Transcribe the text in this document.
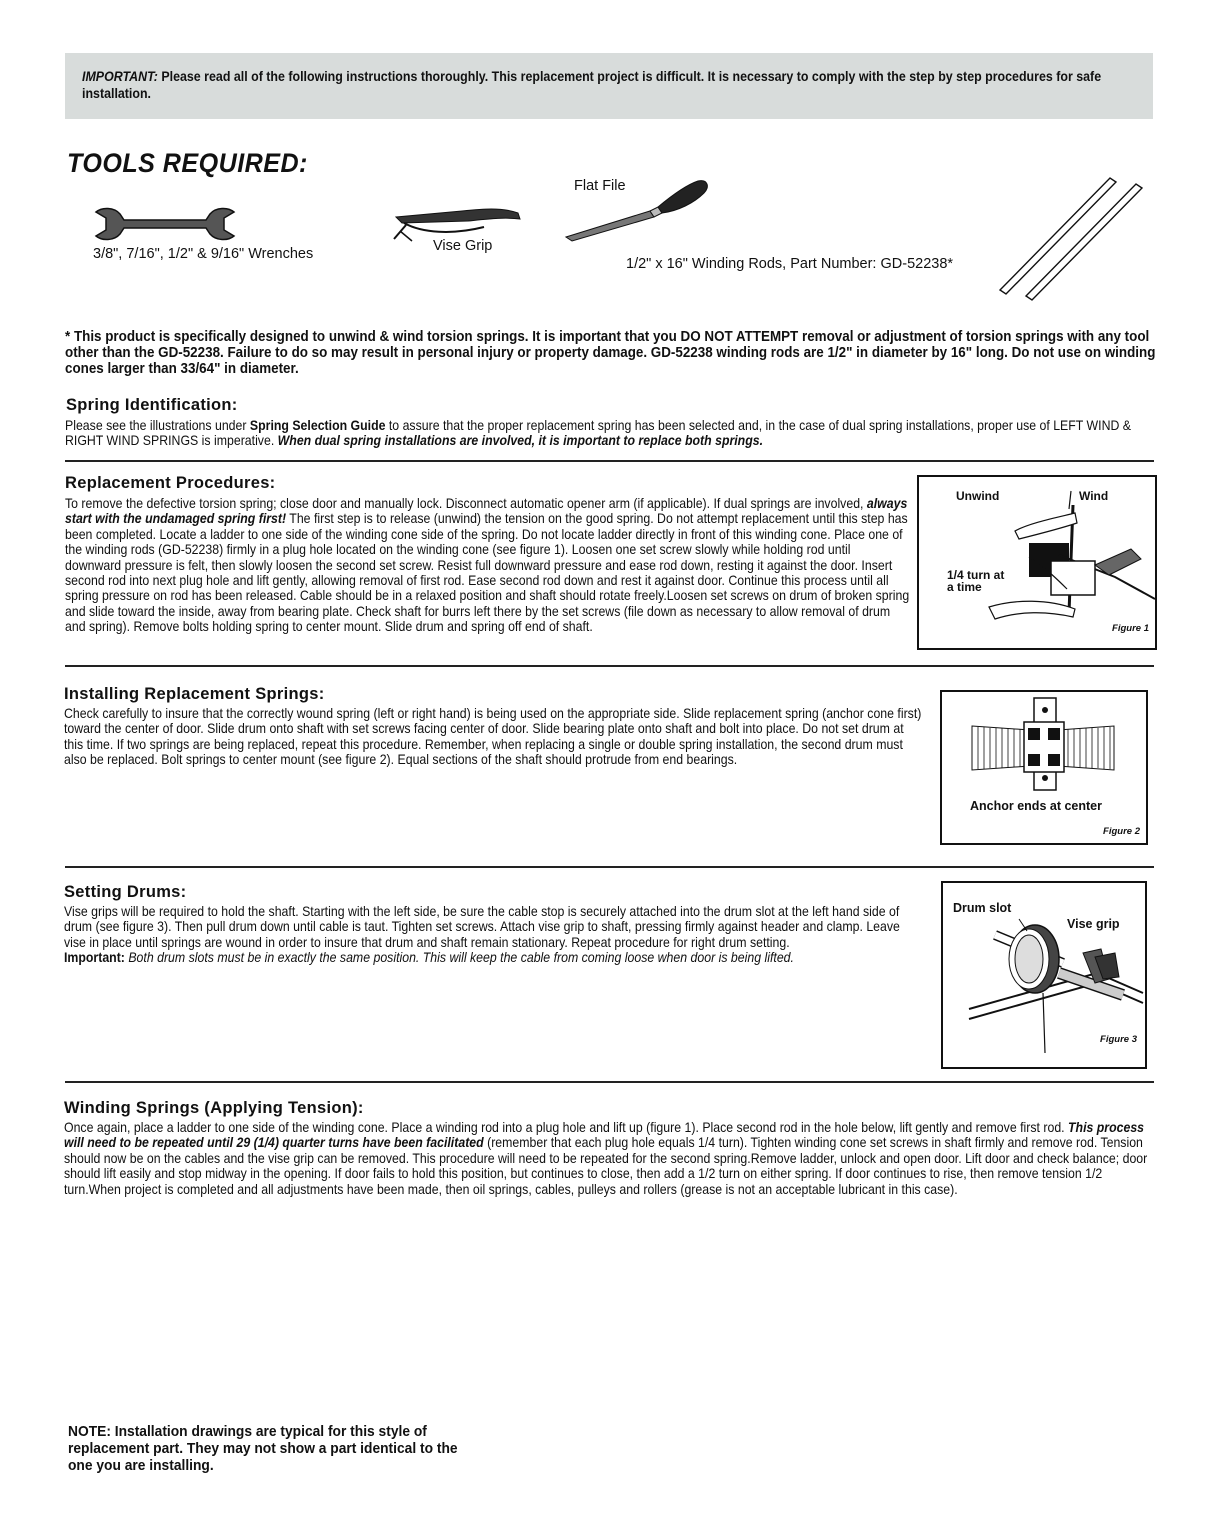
IMPORTANT: Please read all of the following instructions thoroughly. This replacement project is difficult. It is necessary to comply with the step by step procedures for safe installation.
TOOLS REQUIRED:
3/8", 7/16", 1/2" & 9/16" Wrenches	Vise Grip
Flat File
1/2" x 16" Winding Rods, Part Number: GD-52238*
* This product is specifically designed to unwind & wind torsion springs. It is important that you DO NOT ATTEMPT removal or adjustment of torsion springs with any tool other than the GD-52238. Failure to do so may result in personal injury or property damage. GD-52238 winding rods are 1/2" in diameter by 16" long. Do not use on winding cones larger than 33/64" in diameter.
Spring Identification:
Please see the illustrations under Spring Selection Guide to assure that the proper replacement spring has been selected and, in the case of dual spring installations, proper use of LEFT WIND & RIGHT WIND SPRINGS is imperative. When dual spring installations are involved, it is important to replace both springs.
Replacement Procedures:
To remove the defective torsion spring; close door and manually lock. Disconnect automatic opener arm (if applicable). If dual springs are involved, always start with the undamaged spring first! The first step is to release (unwind) the tension on the good spring. Do not attempt replacement until this step has been completed. Locate a ladder to one side of the winding cone side of the spring. Do not locate ladder directly in front of this winding cone. Place one of the winding rods (GD-52238) firmly in a plug hole located on the winding cone (see figure 1). Loosen one set screw slowly while holding rod until downward pressure is felt, then slowly loosen the second set screw. Resist full downward pressure and ease rod down, resting it against the door. Insert second rod into next plug hole and lift gently, allowing removal of first rod. Ease second rod down and rest it against door. Continue this process until all spring pressure on rod has been released. Cable should be in a relaxed position and shaft should rotate freely.Loosen set screws on drum of broken spring and slide toward the inside, away from bearing plate. Check shaft for burrs left there by the set screws (file down as necessary to allow removal of drum and spring). Remove bolts holding spring to center mount. Slide drum and spring off end of shaft.
Unwind	Wind
1/4 turn at
a time
Figure 1
Installing Replacement Springs:
Check carefully to insure that the correctly wound spring (left or right hand) is being used on the appropriate side. Slide replacement spring (anchor cone first) toward the center of door. Slide drum onto shaft with set screws facing center of door. Slide bearing plate onto shaft and bolt into place. Do not set drum at this time. If two springs are being replaced, repeat this procedure. Remember, when replacing a single or double spring installation, the second drum must also be replaced. Bolt springs to center mount (see figure 2). Equal sections of the shaft should protrude from end bearings.
Anchor ends at center
Figure 2
Setting Drums:
Vise grips will be required to hold the shaft. Starting with the left side, be sure the cable stop is securely attached into the drum slot at the left hand side of drum (see figure 3). Then pull drum down until cable is taut. Tighten set screws. Attach vise grip to shaft, pressing firmly against header and clamp. Leave vise in place until springs are wound in order to insure that drum and shaft remain stationary. Repeat procedure for right drum setting.
Important: Both drum slots must be in exactly the same position. This will keep the cable from coming loose when door is being lifted.
Drum slot
Vise grip
Figure 3
Winding Springs (Applying Tension):
Once again, place a ladder to one side of the winding cone. Place a winding rod into a plug hole and lift up (figure 1). Place second rod in the hole below, lift gently and remove first rod. This process will need to be repeated until 29 (1/4) quarter turns have been facilitated (remember that each plug hole equals 1/4 turn). Tighten winding cone set screws in shaft firmly and remove rod. Tension should now be on the cables and the vise grip can be removed. This procedure will need to be repeated for the second spring.Remove ladder, unlock and open door. Lift door and check balance; door should lift easily and stop midway in the opening. If door fails to hold this position, but continues to close, then add a 1/2 turn on either spring. If door continues to rise, then remove tension 1/2 turn.When project is completed and all adjustments have been made, then oil springs, cables, pulleys and rollers (grease is not an acceptable lubricant in this case).
NOTE: Installation drawings are typical for this style of replacement part. They may not show a part identical to the one you are installing.
